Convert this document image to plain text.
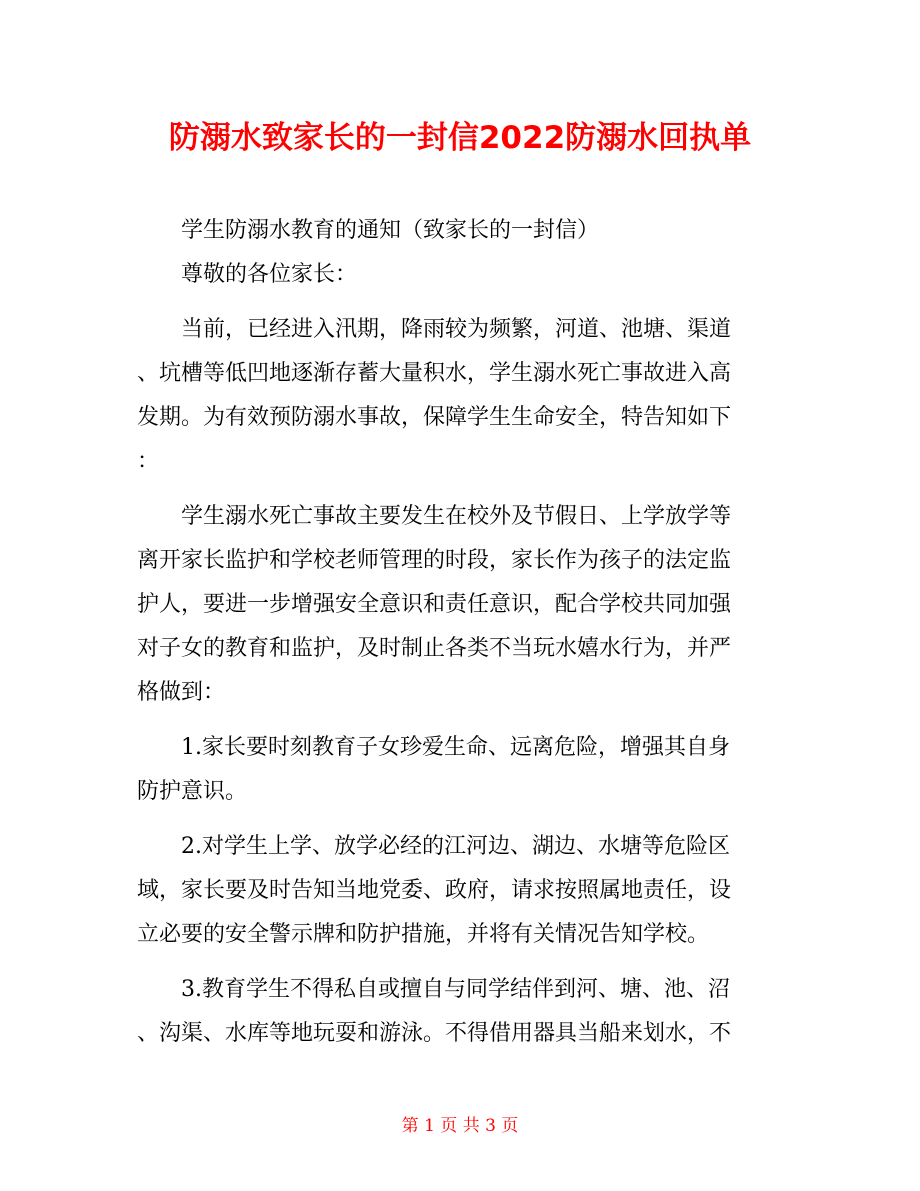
防溺水致家长的一封信2022防溺水回执单
学生防溺水教育的通知（致家长的一封信）
尊敬的各位家长：
当前，已经进入汛期，降雨较为频繁，河道、池塘、渠道
、坑槽等低凹地逐渐存蓄大量积水，学生溺水死亡事故进入高
发期。为有效预防溺水事故，保障学生生命安全，特告知如下
：
学生溺水死亡事故主要发生在校外及节假日、上学放学等
离开家长监护和学校老师管理的时段，家长作为孩子的法定监
护人，要进一步增强安全意识和责任意识，配合学校共同加强
对子女的教育和监护，及时制止各类不当玩水嬉水行为，并严
格做到：
1.家长要时刻教育子女珍爱生命、远离危险，增强其自身
防护意识。
2.对学生上学、放学必经的江河边、湖边、水塘等危险区
域，家长要及时告知当地党委、政府，请求按照属地责任，设
立必要的安全警示牌和防护措施，并将有关情况告知学校。
3.教育学生不得私自或擅自与同学结伴到河、塘、池、沼
、沟渠、水库等地玩耍和游泳。不得借用器具当船来划水，不
第 1 页 共 3 页
